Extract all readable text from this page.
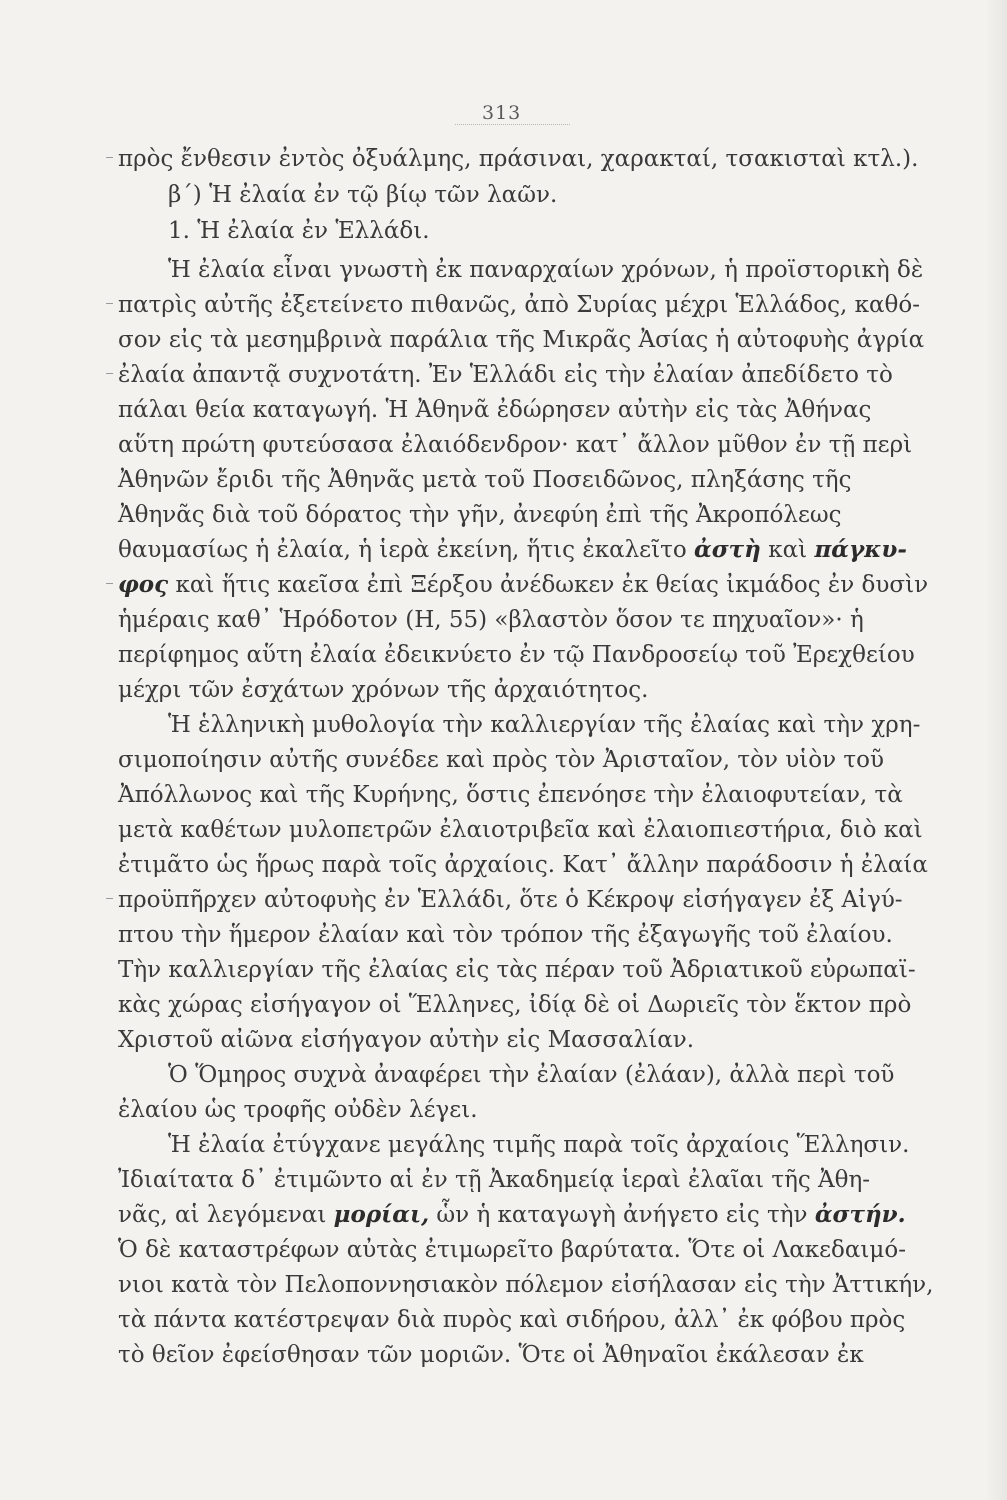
313
πρὸς ἔνθεσιν ἐντὸς ὀξυάλμης, πράσιναι, χαρακταί, τσακισταὶ κτλ.).
β΄) Ἡ ἐλαία ἐν τῷ βίῳ τῶν λαῶν.
1. Ἡ ἐλαία ἐν Ἑλλάδι.
Ἡ ἐλαία εἶναι γνωστὴ ἐκ παναρχαίων χρόνων, ἡ προϊστορικὴ δὲ
πατρὶς αὐτῆς ἐξετείνετο πιθανῶς, ἀπὸ Συρίας μέχρι Ἑλλάδος, καθό-
σον εἰς τὰ μεσημβρινὰ παράλια τῆς Μικρᾶς Ἀσίας ἡ αὐτοφυὴς ἀγρία
ἐλαία ἀπαντᾷ συχνοτάτη. Ἐν Ἑλλάδι εἰς τὴν ἐλαίαν ἀπεδίδετο τὸ
πάλαι θεία καταγωγή. Ἡ Ἀθηνᾶ ἐδώρησεν αὐτὴν εἰς τὰς Ἀθήνας
αὕτη πρώτη φυτεύσασα ἐλαιόδενδρον· κατ᾽ ἄλλον μῦθον ἐν τῇ περὶ
Ἀθηνῶν ἔριδι τῆς Ἀθηνᾶς μετὰ τοῦ Ποσειδῶνος, πληξάσης τῆς
Ἀθηνᾶς διὰ τοῦ δόρατος τὴν γῆν, ἀνεφύη ἐπὶ τῆς Ἀκροπόλεως
θαυμασίως ἡ ἐλαία, ἡ ἱερὰ ἐκείνη, ἥτις ἐκαλεῖτο ἀστὴ καὶ πάγκυ-
φος καὶ ἥτις καεῖσα ἐπὶ Ξέρξου ἀνέδωκεν ἐκ θείας ἰκμάδος ἐν δυσὶν
ἡμέραις καθ᾽ Ἡρόδοτον (Η, 55) «βλαστὸν ὅσον τε πηχυαῖον»· ἡ
περίφημος αὕτη ἐλαία ἐδεικνύετο ἐν τῷ Πανδροσείῳ τοῦ Ἐρεχθείου
μέχρι τῶν ἐσχάτων χρόνων τῆς ἀρχαιότητος.
Ἡ ἑλληνικὴ μυθολογία τὴν καλλιεργίαν τῆς ἐλαίας καὶ τὴν χρη-
σιμοποίησιν αὐτῆς συνέδεε καὶ πρὸς τὸν Ἀρισταῖον, τὸν υἱὸν τοῦ
Ἀπόλλωνος καὶ τῆς Κυρήνης, ὅστις ἐπενόησε τὴν ἐλαιοφυτείαν, τὰ
μετὰ καθέτων μυλοπετρῶν ἐλαιοτριβεῖα καὶ ἐλαιοπιεστήρια, διὸ καὶ
ἐτιμᾶτο ὡς ἥρως παρὰ τοῖς ἀρχαίοις. Κατ᾽ ἄλλην παράδοσιν ἡ ἐλαία
προϋπῆρχεν αὐτοφυὴς ἐν Ἑλλάδι, ὅτε ὁ Κέκροψ εἰσήγαγεν ἐξ Αἰγύ-
πτου τὴν ἥμερον ἐλαίαν καὶ τὸν τρόπον τῆς ἐξαγωγῆς τοῦ ἐλαίου.
Τὴν καλλιεργίαν τῆς ἐλαίας εἰς τὰς πέραν τοῦ Ἀδριατικοῦ εὐρωπαϊ-
κὰς χώρας εἰσήγαγον οἱ Ἕλληνες, ἰδίᾳ δὲ οἱ Δωριεῖς τὸν ἕκτον πρὸ
Χριστοῦ αἰῶνα εἰσήγαγον αὐτὴν εἰς Μασσαλίαν.
Ὁ Ὅμηρος συχνὰ ἀναφέρει τὴν ἐλαίαν (ἐλάαν), ἀλλὰ περὶ τοῦ
ἐλαίου ὡς τροφῆς οὐδὲν λέγει.
Ἡ ἐλαία ἐτύγχανε μεγάλης τιμῆς παρὰ τοῖς ἀρχαίοις Ἕλλησιν.
Ἰδιαίτατα δ᾽ ἐτιμῶντο αἱ ἐν τῇ Ἀκαδημείᾳ ἱεραὶ ἐλαῖαι τῆς Ἀθη-
νᾶς, αἱ λεγόμεναι μορίαι, ὧν ἡ καταγωγὴ ἀνήγετο εἰς τὴν ἀστήν.
Ὁ δὲ καταστρέφων αὐτὰς ἐτιμωρεῖτο βαρύτατα. Ὅτε οἱ Λακεδαιμό-
νιοι κατὰ τὸν Πελοποννησιακὸν πόλεμον εἰσήλασαν εἰς τὴν Ἀττικήν,
τὰ πάντα κατέστρεψαν διὰ πυρὸς καὶ σιδήρου, ἀλλ᾽ ἐκ φόβου πρὸς
τὸ θεῖον ἐφείσθησαν τῶν μοριῶν. Ὅτε οἱ Ἀθηναῖοι ἐκάλεσαν ἐκ
